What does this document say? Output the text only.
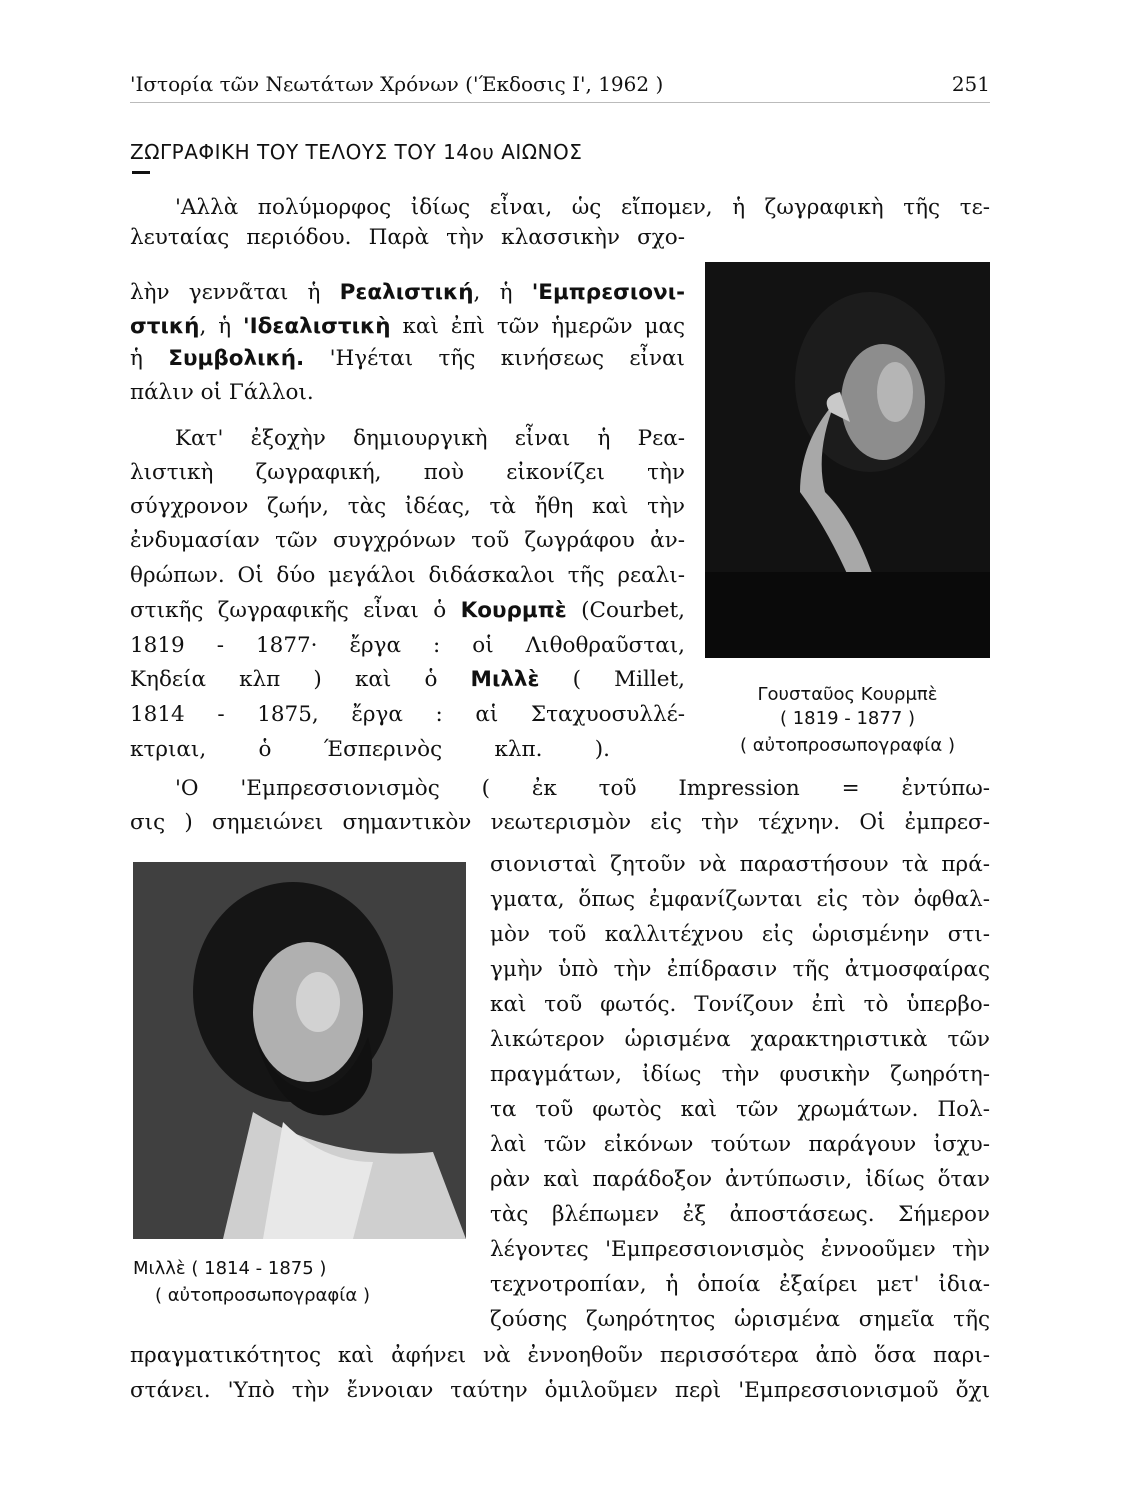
'Ιστορία τῶν Νεωτάτων Χρόνων ('Έκδοσις Ι', 1962 )	251
ΖΩΓΡΑΦΙΚΗ ΤΟΥ ΤΕΛΟΥΣ ΤΟΥ 14ου ΑΙΩΝΟΣ
'Αλλὰ πολύμορφος ἰδίως εἶναι, ὡς εἴπομεν, ἡ ζωγραφικὴ τῆς τε-
λευταίας περιόδου. Παρὰ τὴν κλασσικὴν σχο-
λὴν γεννᾶται ἡ Ρεαλιστική, ἡ 'Εμπρεσιονι-
στική, ἡ 'Ιδεαλιστικὴ καὶ ἐπὶ τῶν ἡμερῶν μας
ἡ Συμβολική. 'Ηγέται τῆς κινήσεως εἶναι
πάλιν οἱ Γάλλοι.
Κατ' ἐξοχὴν δημιουργικὴ εἶναι ἡ Ρεα-
λιστικὴ ζωγραφική, ποὺ εἰκονίζει τὴν
σύγχρονον ζωήν, τὰς ἰδέας, τὰ ἤθη καὶ τὴν
ἐνδυμασίαν τῶν συγχρόνων τοῦ ζωγράφου ἀν-
θρώπων. Οἱ δύο μεγάλοι διδάσκαλοι τῆς ρεαλι-
στικῆς ζωγραφικῆς εἶναι ὁ Κουρμπὲ (Courbet,
1819 - 1877· ἔργα : οἱ Λιθοθραῦσται,
Κηδεία κλπ ) καὶ ὁ Μιλλὲ ( Millet,
1814 - 1875, ἔργα : αἱ Σταχυοσυλλέ-
κτριαι, ὁ Έσπερινὸς κλπ. ).
Γουσταῦος Κουρμπὲ
( 1819 - 1877 )
( αὐτοπροσωπογραφία )
'Ο 'Εμπρεσσιονισμὸς ( ἐκ τοῦ Impression = ἐντύπω-
σις ) σημειώνει σημαντικὸν νεωτερισμὸν εἰς τὴν τέχνην. Οἱ ἐμπρεσ-
σιονισταὶ ζητοῦν νὰ παραστήσουν τὰ πρά-
γματα, ὅπως ἐμφανίζωνται εἰς τὸν ὀφθαλ-
μὸν τοῦ καλλιτέχνου εἰς ὡρισμένην στι-
γμὴν ὑπὸ τὴν ἐπίδρασιν τῆς ἀτμοσφαίρας
καὶ τοῦ φωτός. Τονίζουν ἐπὶ τὸ ὑπερβο-
λικώτερον ὡρισμένα χαρακτηριστικὰ τῶν
πραγμάτων, ἰδίως τὴν φυσικὴν ζωηρότη-
τα τοῦ φωτὸς καὶ τῶν χρωμάτων. Πολ-
λαὶ τῶν εἰκόνων τούτων παράγουν ἰσχυ-
ρὰν καὶ παράδοξον ἀντύπωσιν, ἰδίως ὅταν
τὰς βλέπωμεν ἐξ ἀποστάσεως. Σήμερον
λέγοντες 'Εμπρεσσιονισμὸς ἐννοοῦμεν τὴν
τεχνοτροπίαν, ἡ ὁποία ἐξαίρει μετ' ἰδια-
ζούσης ζωηρότητος ὡρισμένα σημεῖα τῆς
πραγματικότητος καὶ ἀφήνει νὰ ἐννοηθοῦν περισσότερα ἀπὸ ὅσα παρι-
στάνει. 'Υπὸ τὴν ἔννοιαν ταύτην ὁμιλοῦμεν περὶ 'Εμπρεσσιονισμοῦ ὄχι
Μιλλὲ ( 1814 - 1875 )
( αὐτοπροσωπογραφία )
